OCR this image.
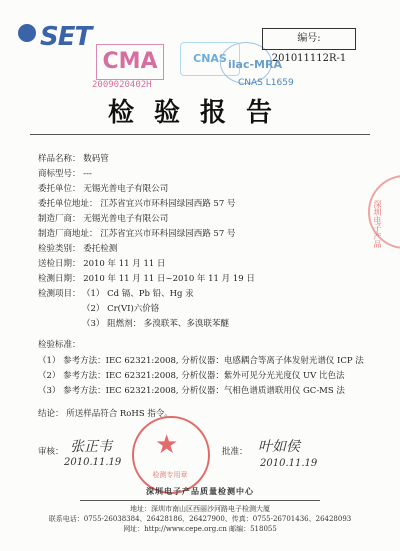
SET
CMA
2009020402H
CNAS ilac-MRA
CNAS L1659
编号: 201011112R-1
检验报告
样品名称： 数码管
商标型号： ---
委托单位： 无锡光普电子有限公司
委托单位地址： 江苏省宜兴市环科园绿园西路 57 号
制造厂商： 无锡光普电子有限公司
制造厂商地址： 江苏省宜兴市环科园绿园西路 57 号
检验类别： 委托检测
送检日期： 2010 年 11 月 11 日
检测日期： 2010 年 11 月 11 日~2010 年 11 月 19 日
检测项目： （1） Cd 镉、Pb 铅、Hg 汞
（2） Cr(VI)六价铬
（3） 阻燃剂： 多溴联苯、多溴联苯醚
检验标准：
（1） 参考方法：IEC 62321:2008, 分析仪器：电感耦合等离子体发射光谱仪 ICP 法
（2） 参考方法：IEC 62321:2008, 分析仪器：紫外可见分光光度仪 UV 比色法
（3） 参考方法：IEC 62321:2008, 分析仪器：气相色谱质谱联用仪 GC-MS 法
结论： 所送样品符合 RoHS 指令。
深圳电子产品
审核： 张正韦
2010.11.19
★
检测专用章
批准： 叶如侯
2010.11.19
深圳电子产品质量检测中心
地址：深圳市南山区西丽沙河路电子检测大厦
联系电话：0755-26038384、26428186、26427900、传真：0755-26701436、26428093
网址：http://www.cepe.org.cn 邮编：518055
